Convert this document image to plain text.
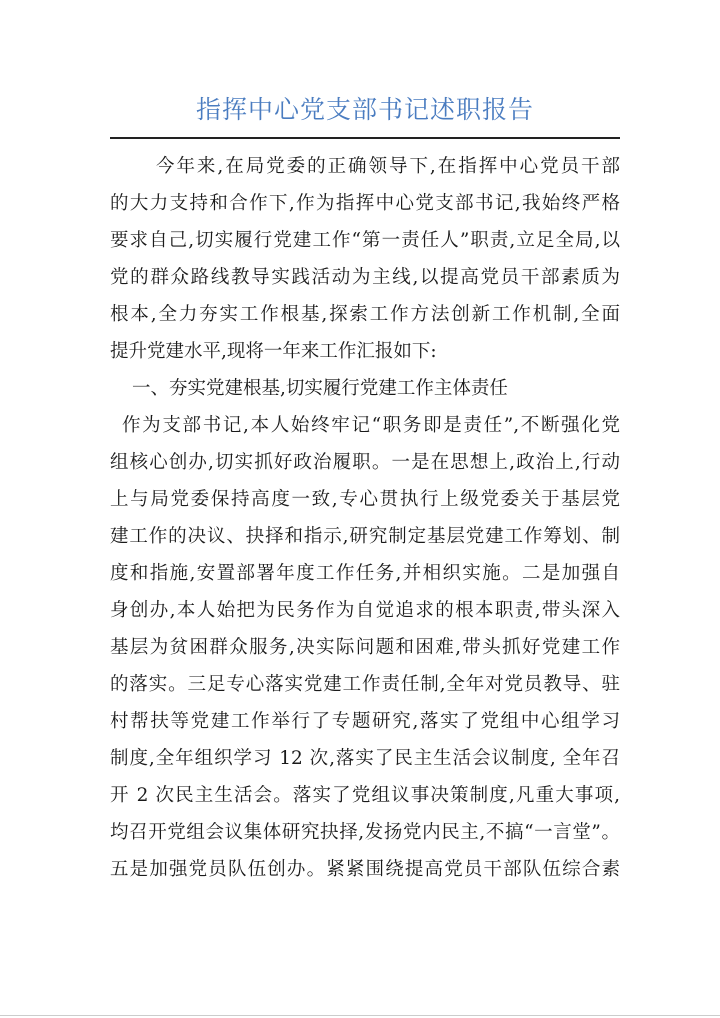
指挥中心党支部书记述职报告
今年来,在局党委的正确领导下,在指挥中心党员干部
的大力支持和合作下,作为指挥中心党支部书记,我始终严格
要求自己,切实履行党建工作“第一责任人”职责,立足全局,以
党的群众路线教导实践活动为主线,以提高党员干部素质为
根本,全力夯实工作根基,探索工作方法创新工作机制,全面
提升党建水平,现将一年来工作汇报如下:
一、夯实党建根基,切实履行党建工作主体责任
作为支部书记,本人始终牢记“职务即是责任”,不断强化党
组核心创办,切实抓好政治履职。一是在思想上,政治上,行动
上与局党委保持高度一致,专心贯执行上级党委关于基层党
建工作的决议、抉择和指示,研究制定基层党建工作筹划、制
度和指施,安置部署年度工作任务,并相织实施。二是加强自
身创办,本人始把为民务作为自觉追求的根本职责,带头深入
基层为贫困群众服务,决实际问题和困难,带头抓好党建工作
的落实。三足专心落实党建工作责任制,全年对党员教导、驻
村帮扶等党建工作举行了专题研究,落实了党组中心组学习
制度,全年组织学习 12 次,落实了民主生活会议制度, 全年召
开 2 次民主生活会。落实了党组议事决策制度,凡重大事项,
均召开党组会议集体研究抉择,发扬党内民主,不搞“一言堂”。
五是加强党员队伍创办。紧紧围绕提高党员干部队伍综合素
